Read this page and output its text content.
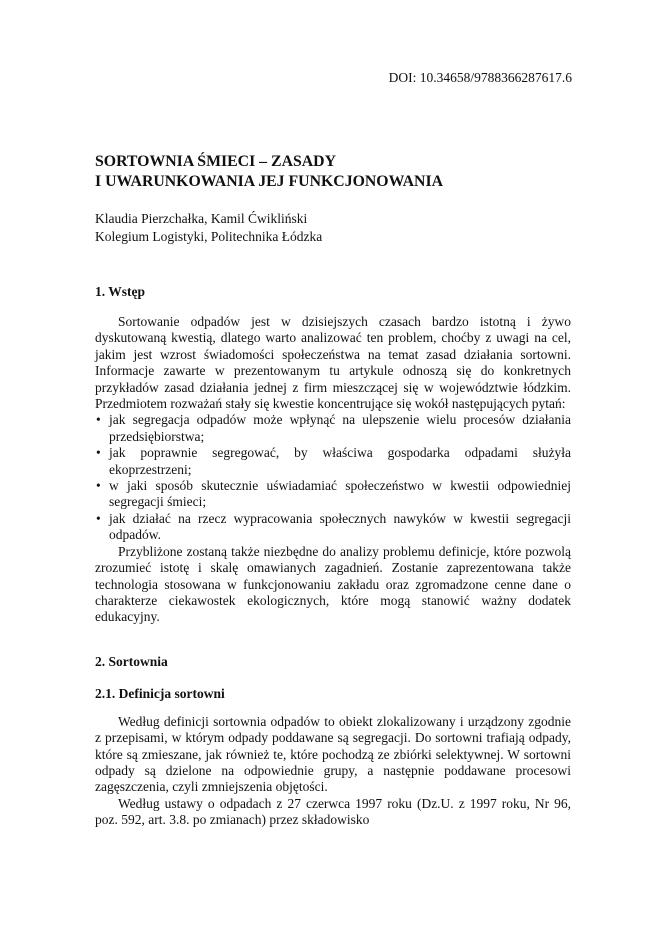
DOI: 10.34658/9788366287617.6
SORTOWNIA ŚMIECI – ZASADY
I UWARUNKOWANIA JEJ FUNKCJONOWANIA
Klaudia Pierzchałka, Kamil Ćwikliński
Kolegium Logistyki, Politechnika Łódzka
1. Wstęp

Sortowanie odpadów jest w dzisiejszych czasach bardzo istotną i żywo dyskutowaną kwestią, dlatego warto analizować ten problem, choćby z uwagi na cel, jakim jest wzrost świadomości społeczeństwa na temat zasad działania sortowni. Informacje zawarte w prezentowanym tu artykule odnoszą się do konkretnych przykładów zasad działania jednej z firm mieszczącej się w województwie łódzkim. Przedmiotem rozważań stały się kwestie koncentrujące się wokół następujących pytań:

• jak segregacja odpadów może wpłynąć na ulepszenie wielu procesów działania przedsiębiorstwa;
• jak poprawnie segregować, by właściwa gospodarka odpadami służyła ekoprzestrzeni;
• w jaki sposób skutecznie uświadamiać społeczeństwo w kwestii odpowiedniej segregacji śmieci;
• jak działać na rzecz wypracowania społecznych nawyków w kwestii segregacji odpadów.

Przybliżone zostaną także niezbędne do analizy problemu definicje, które pozwolą zrozumieć istotę i skalę omawianych zagadnień. Zostanie zaprezentowana także technologia stosowana w funkcjonowaniu zakładu oraz zgromadzone cenne dane o charakterze ciekawostek ekologicznych, które mogą stanowić ważny dodatek edukacyjny.

2. Sortownia
2.1. Definicja sortowni

Według definicji sortownia odpadów to obiekt zlokalizowany i urządzony zgodnie z przepisami, w którym odpady poddawane są segregacji. Do sortowni trafiają odpady, które są zmieszane, jak również te, które pochodzą ze zbiórki selektywnej. W sortowni odpady są dzielone na odpowiednie grupy, a następnie poddawane procesowi zagęszczenia, czyli zmniejszenia objętości.

Według ustawy o odpadach z 27 czerwca 1997 roku (Dz.U. z 1997 roku, Nr 96, poz. 592, art. 3.8. po zmianach) przez składowisko
